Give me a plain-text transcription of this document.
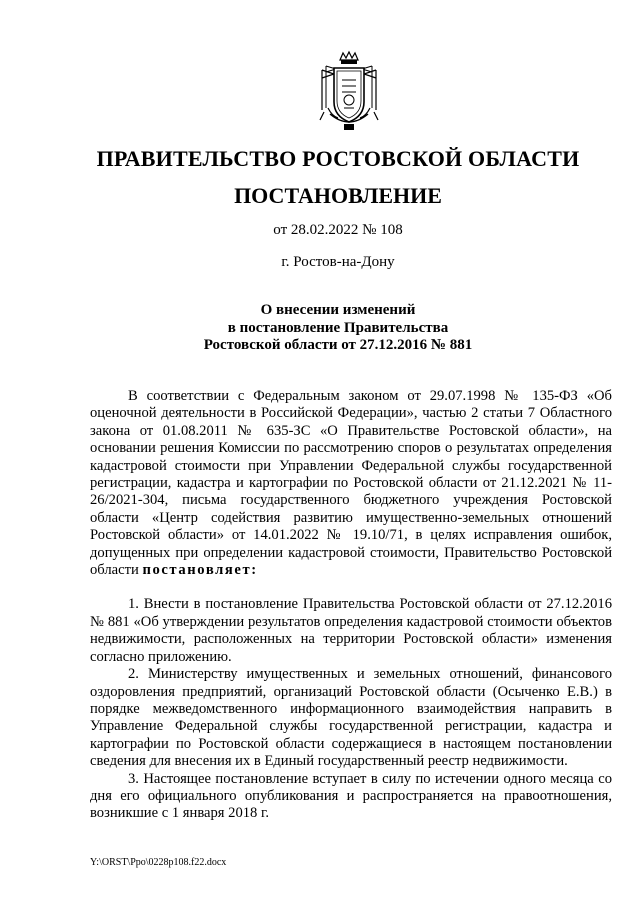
ПРАВИТЕЛЬСТВО РОСТОВСКОЙ ОБЛАСТИ
ПОСТАНОВЛЕНИЕ
от 28.02.2022 № 108
г. Ростов-на-Дону
О внесении изменений
в постановление Правительства
Ростовской области от 27.12.2016 № 881

В соответствии с Федеральным законом от 29.07.1998 № 135-ФЗ «Об оценочной деятельности в Российской Федерации», частью 2 статьи 7 Областного закона от 01.08.2011 № 635-ЗС «О Правительстве Ростовской области», на основании решения Комиссии по рассмотрению споров о результатах определения кадастровой стоимости при Управлении Федеральной службы государственной регистрации, кадастра и картографии по Ростовской области от 21.12.2021 № 11-26/2021-304, письма государственного бюджетного учреждения Ростовской области «Центр содействия развитию имущественно-земельных отношений Ростовской области» от 14.01.2022 № 19.10/71, в целях исправления ошибок, допущенных при определении кадастровой стоимости, Правительство Ростовской области постановляет:

1. Внести в постановление Правительства Ростовской области от 27.12.2016 № 881 «Об утверждении результатов определения кадастровой стоимости объектов недвижимости, расположенных на территории Ростовской области» изменения согласно приложению.

2. Министерству имущественных и земельных отношений, финансового оздоровления предприятий, организаций Ростовской области (Осыченко Е.В.) в порядке межведомственного информационного взаимодействия направить в Управление Федеральной службы государственной регистрации, кадастра и картографии по Ростовской области содержащиеся в настоящем постановлении сведения для внесения их в Единый государственный реестр недвижимости.

3. Настоящее постановление вступает в силу по истечении одного месяца со дня его официального опубликования и распространяется на правоотношения, возникшие с 1 января 2018 г.

Y:\ORST\Ppo\0228p108.f22.docx
